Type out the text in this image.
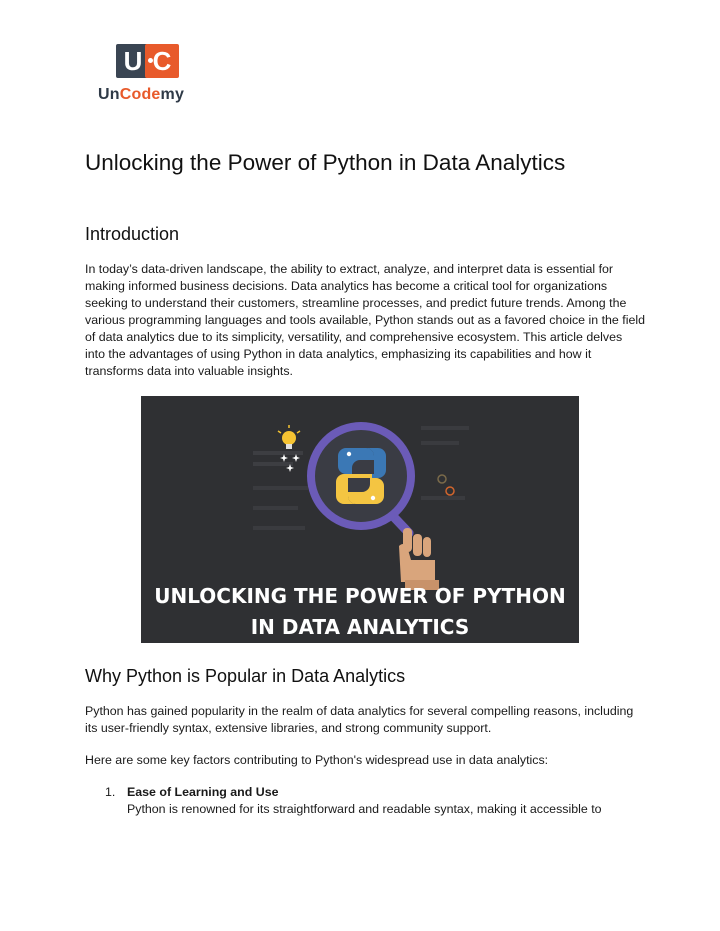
U C
UnCodemy
Unlocking the Power of Python in Data Analytics
Introduction

In today’s data-driven landscape, the ability to extract, analyze, and interpret data is essential for making informed business decisions. Data analytics has become a critical tool for organizations seeking to understand their customers, streamline processes, and predict future trends. Among the various programming languages and tools available, Python stands out as a favored choice in the field of data analytics due to its simplicity, versatility, and comprehensive ecosystem. This article delves into the advantages of using Python in data analytics, emphasizing its capabilities and how it transforms data into valuable insights.

UNLOCKING THE POWER OF PYTHON
IN DATA ANALYTICS
Why Python is Popular in Data Analytics

Python has gained popularity in the realm of data analytics for several compelling reasons, including its user-friendly syntax, extensive libraries, and strong community support.

Here are some key factors contributing to Python's widespread use in data analytics:

1. Ease of Learning and Use
Python is renowned for its straightforward and readable syntax, making it accessible to
